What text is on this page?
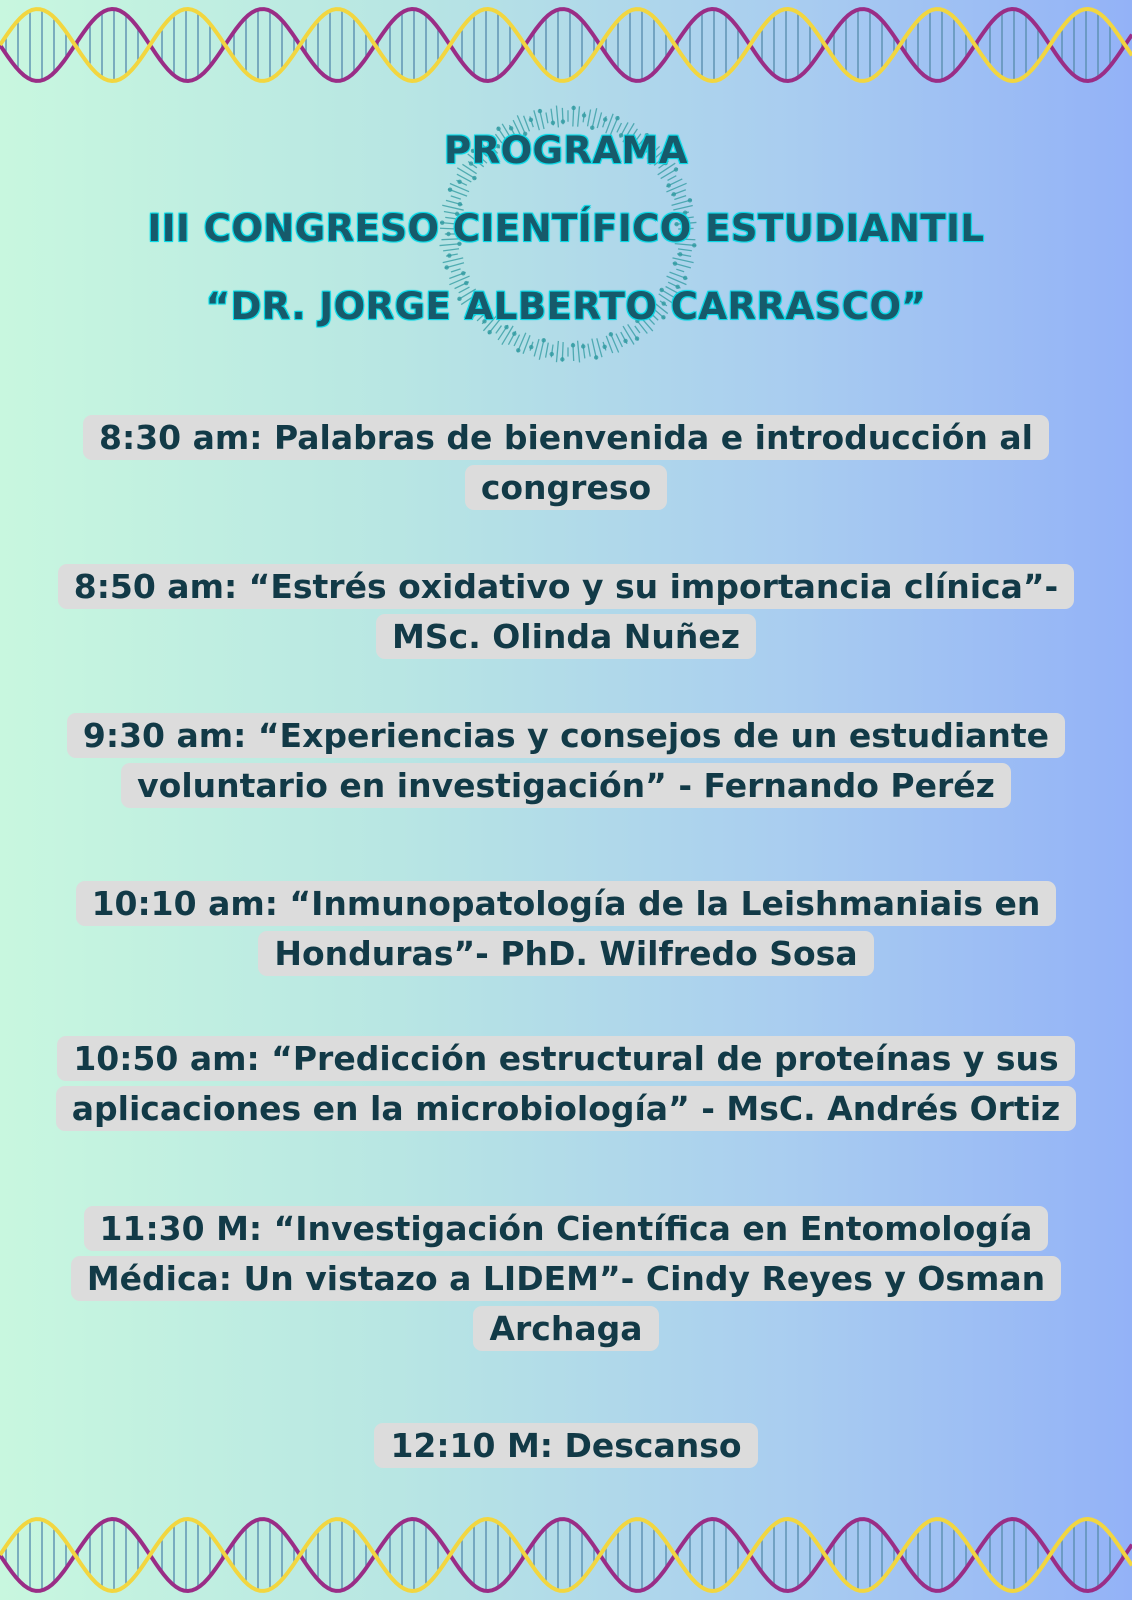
PROGRAMA
III CONGRESO CIENTÍFICO ESTUDIANTIL
“DR. JORGE ALBERTO CARRASCO”
8:30 am: Palabras de bienvenida e introducción al
congreso
8:50 am: “Estrés oxidativo y su importancia clínica”-
MSc. Olinda Nuñez
9:30 am: “Experiencias y consejos de un estudiante
voluntario en investigación” - Fernando Peréz
10:10 am: “Inmunopatología de la Leishmaniais en
Honduras”- PhD. Wilfredo Sosa
10:50 am: “Predicción estructural de proteínas y sus
aplicaciones en la microbiología” - MsC. Andrés Ortiz
11:30 M: “Investigación Científica en Entomología
Médica: Un vistazo a LIDEM”- Cindy Reyes y Osman
Archaga
12:10 M: Descanso
